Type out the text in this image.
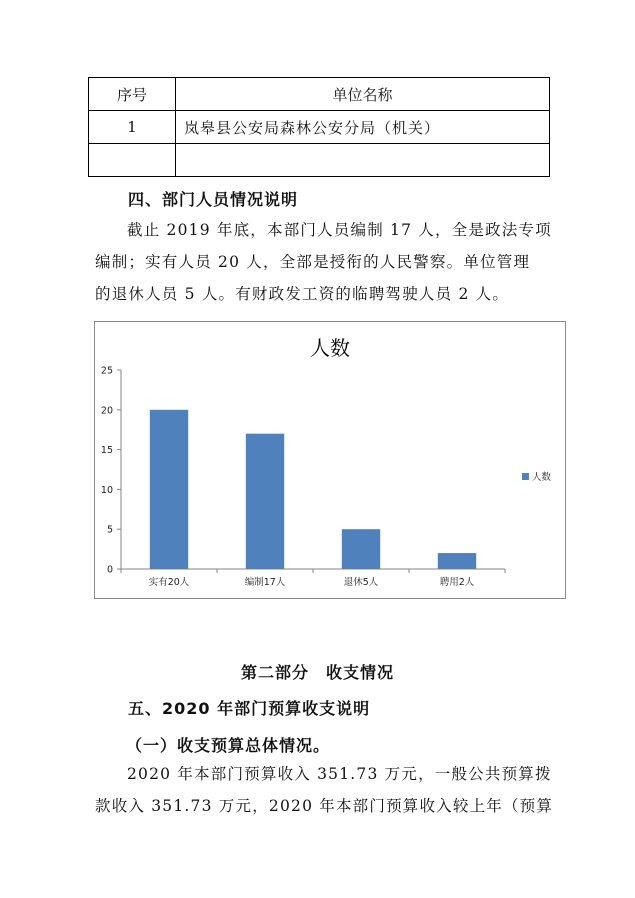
序号	单位名称
1	岚皋县公安局森林公安分局（机关）

四、部门人员情况说明
截止 2019 年底，本部门人员编制 17 人，全是政法专项
编制；实有人员 20 人，全部是授衔的人民警察。单位管理
的退休人员 5 人。有财政发工资的临聘驾驶人员 2 人。
人数
0
5
10
15
20
25
实有20人	编制17人	退休5人	聘用2人
人数
第二部分　收支情况
五、2020 年部门预算收支说明
（一）收支预算总体情况。
2020 年本部门预算收入 351.73 万元，一般公共预算拨
款收入 351.73 万元，2020 年本部门预算收入较上年（预算
